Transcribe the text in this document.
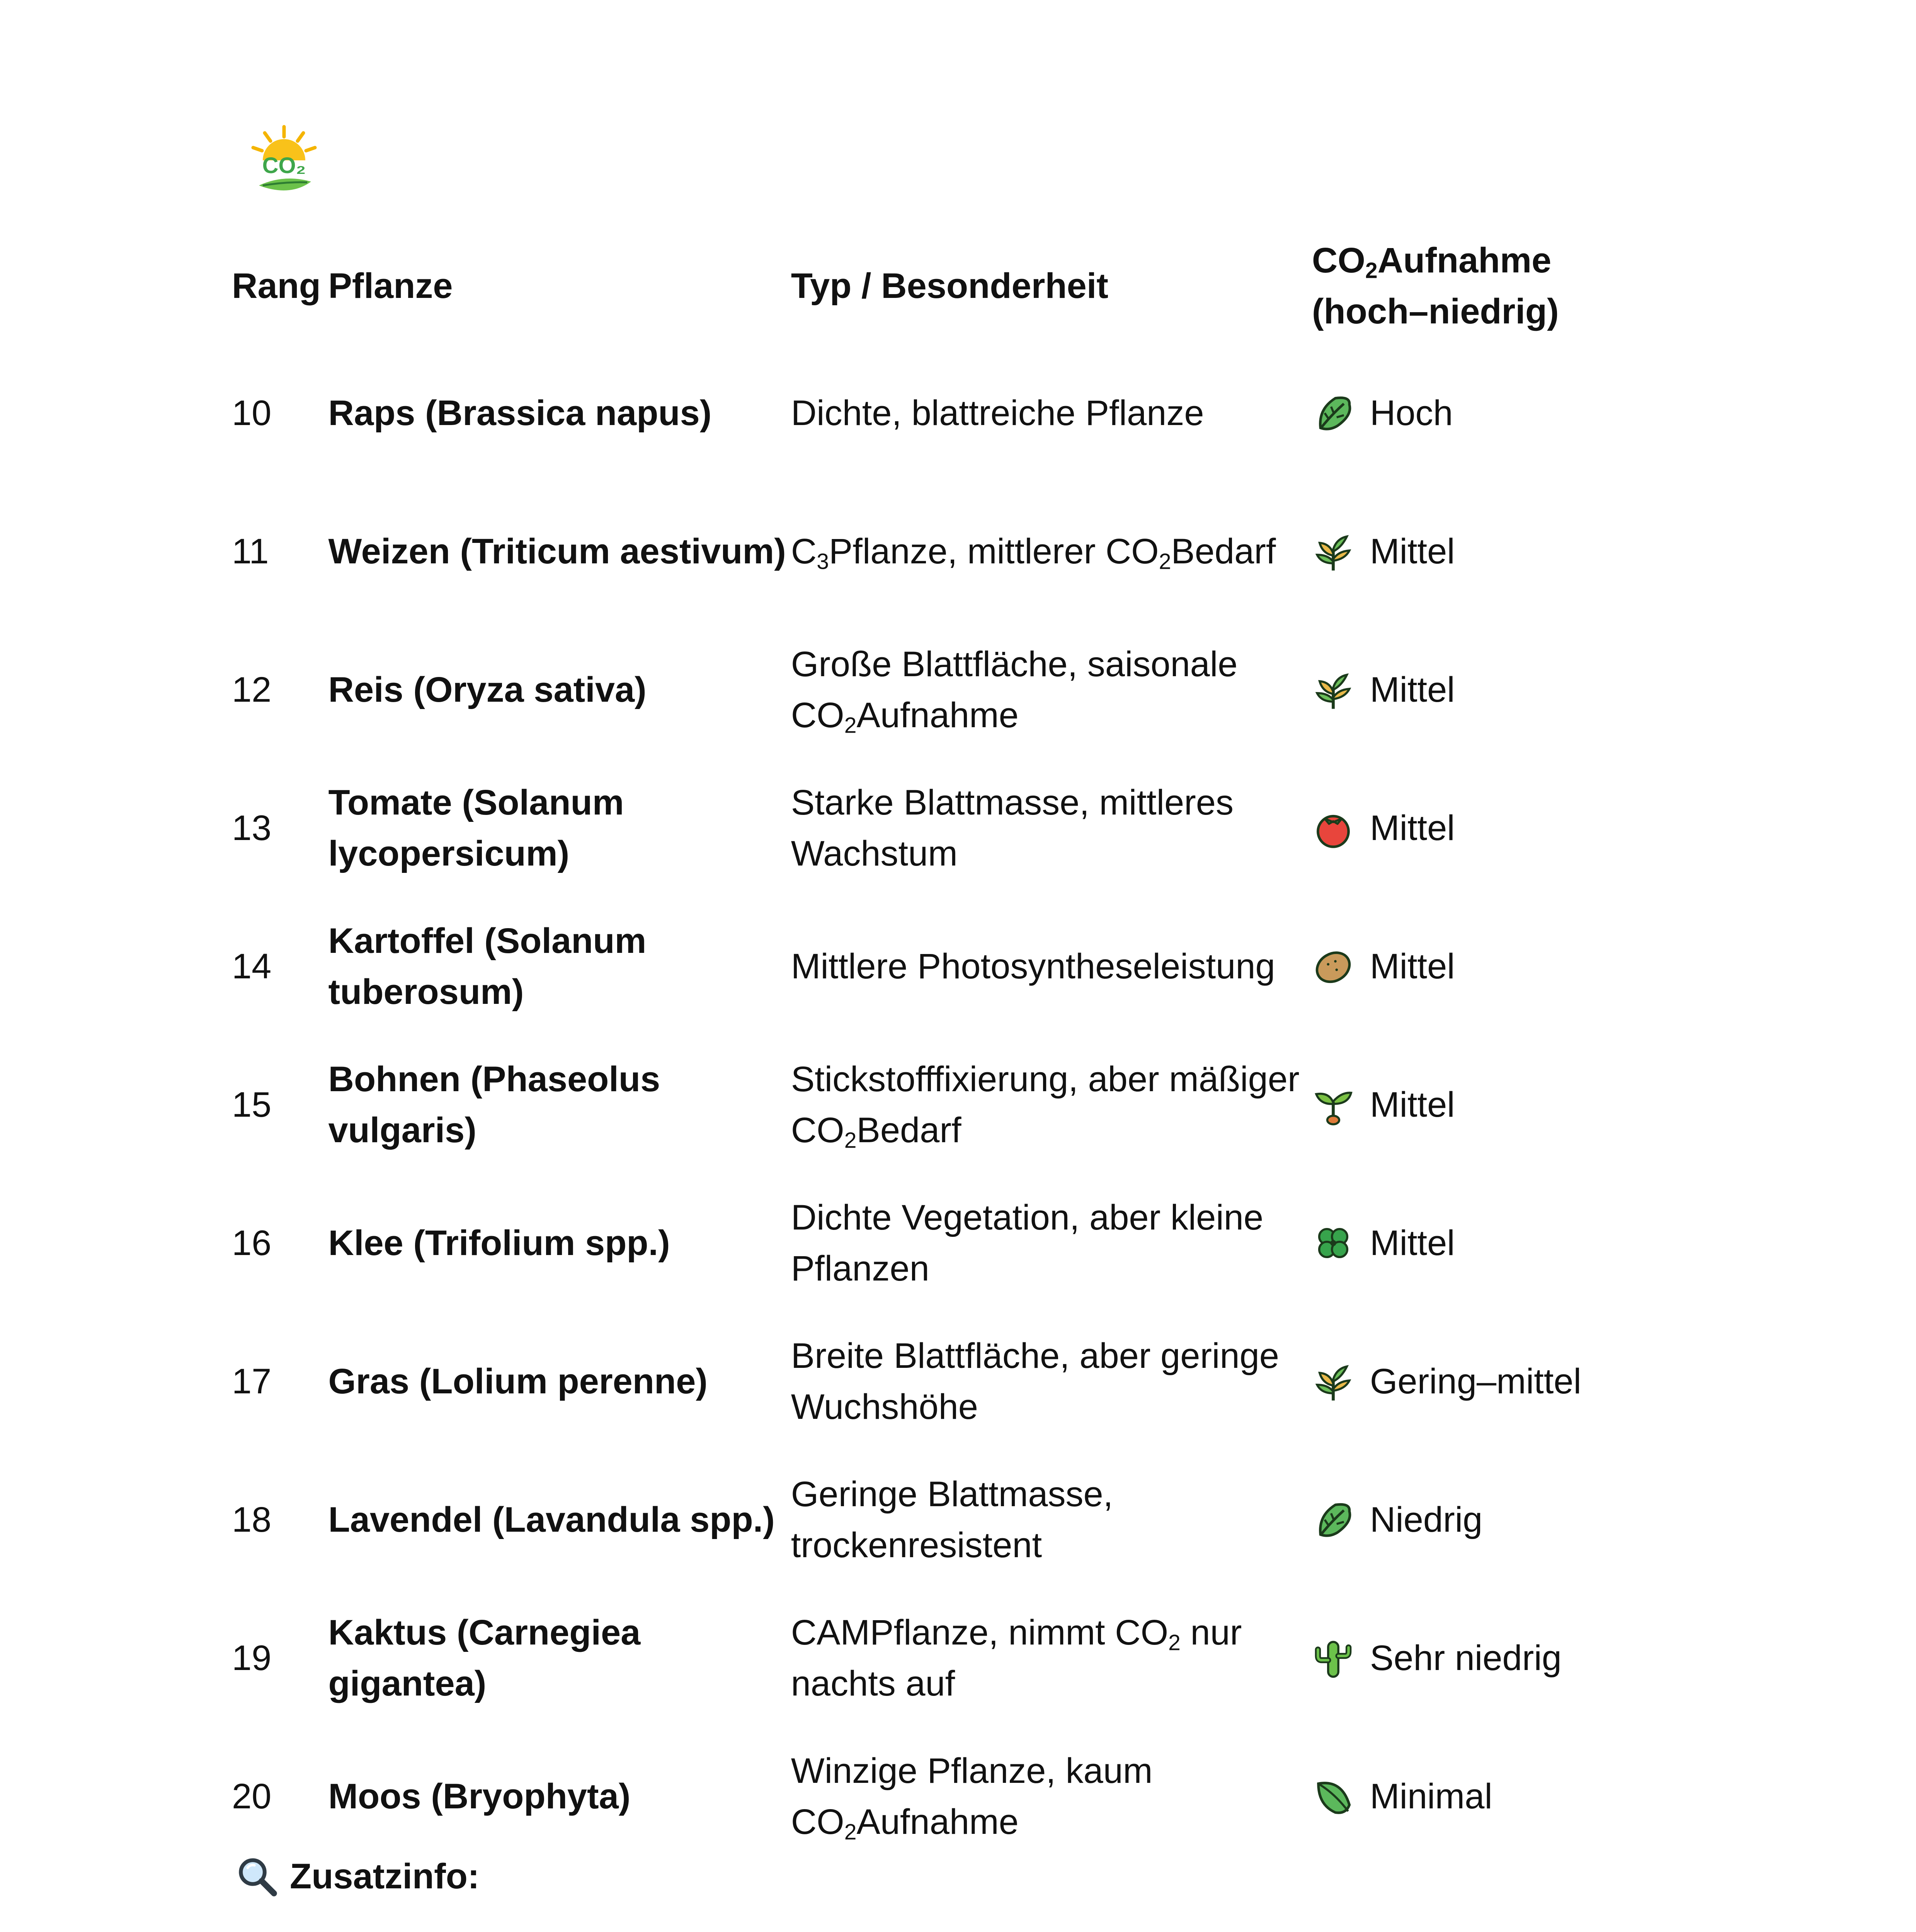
CO₂
Rang	Pflanze	Typ / Besonderheit	$CO_2Aufnahme$
(hoch–niedrig)
10	Raps (Brassica napus)	Dichte, blattreiche Pflanze	Hoch

11	Weizen (Triticum aestivum)	$C_3Pflanze$, mittlerer $CO_2Bedarf$	Mittel

12	Reis (Oryza sativa)	Große Blattfläche, saisonale $CO_2Aufnahme$	Mittel

13	Tomate (Solanum lycopersicum)	Starke Blattmasse, mittleres Wachstum	Mittel

14	Kartoffel (Solanum tuberosum)	Mittlere Photosyntheseleistung	Mittel

15	Bohnen (Phaseolus vulgaris)	Stickstofffixierung, aber mäßiger $CO_2Bedarf$	Mittel

16	Klee (Trifolium spp.)	Dichte Vegetation, aber kleine Pflanzen	Mittel

17	Gras (Lolium perenne)	Breite Blattfläche, aber geringe Wuchshöhe	Gering–mittel

18	Lavendel (Lavandula spp.)	Geringe Blattmasse, trockenresistent	Niedrig

19	Kaktus (Carnegiea gigantea)	CAMPflanze, nimmt $CO_2$ nur nachts auf	Sehr niedrig

20	Moos (Bryophyta)	Winzige Pflanze, kaum $CO_2Aufnahme$	Minimal
Zusatzinfo:
•
